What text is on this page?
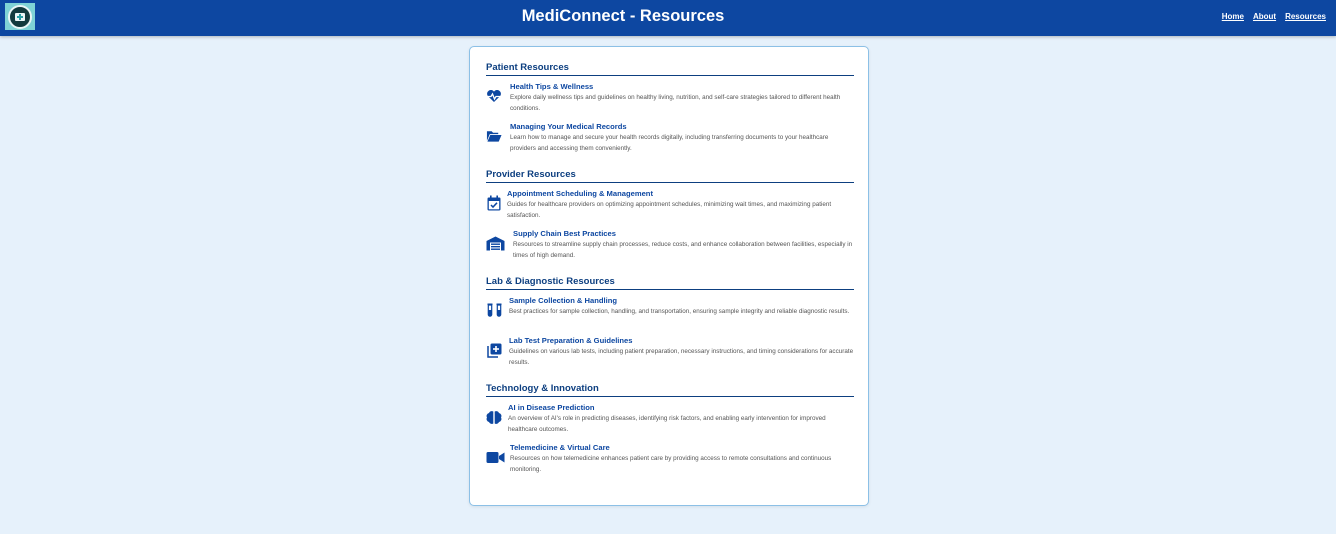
MediConnect - Resources	Home About Resources
Patient Resources
Health Tips & Wellness
Explore daily wellness tips and guidelines on healthy living, nutrition, and self-care strategies tailored to different health conditions.
Managing Your Medical Records
Learn how to manage and secure your health records digitally, including transferring documents to your healthcare providers and accessing them conveniently.
Provider Resources
Appointment Scheduling & Management
Guides for healthcare providers on optimizing appointment schedules, minimizing wait times, and maximizing patient satisfaction.
Supply Chain Best Practices
Resources to streamline supply chain processes, reduce costs, and enhance collaboration between facilities, especially in times of high demand.
Lab & Diagnostic Resources
Sample Collection & Handling
Best practices for sample collection, handling, and transportation, ensuring sample integrity and reliable diagnostic results.
Lab Test Preparation & Guidelines
Guidelines on various lab tests, including patient preparation, necessary instructions, and timing considerations for accurate results.
Technology & Innovation
AI in Disease Prediction
An overview of AI's role in predicting diseases, identifying risk factors, and enabling early intervention for improved healthcare outcomes.
Telemedicine & Virtual Care
Resources on how telemedicine enhances patient care by providing access to remote consultations and continuous monitoring.
